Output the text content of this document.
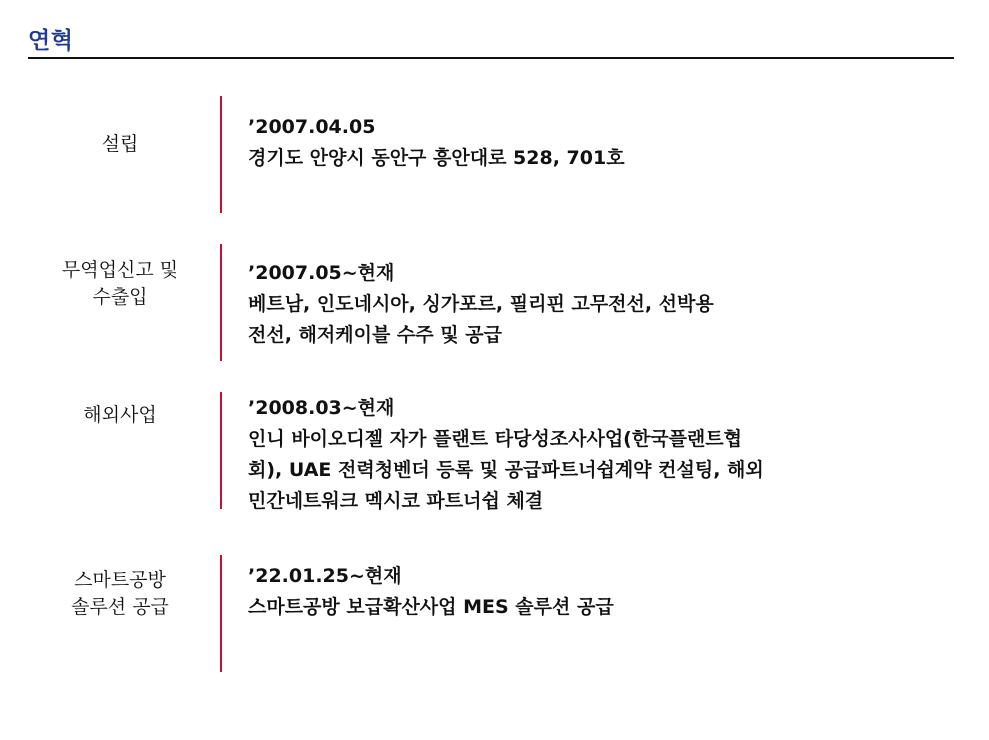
연혁
설립
’2007.04.05
경기도 안양시 동안구 흥안대로 528, 701호
무역업신고 및
수출입
’2007.05~현재
베트남, 인도네시아, 싱가포르, 필리핀 고무전선, 선박용
전선, 해저케이블 수주 및 공급
해외사업	’2008.03~현재
인니 바이오디젤 자가 플랜트 타당성조사사업(한국플랜트협
회), UAE 전력청벤더 등록 및 공급파트너쉽계약 컨설팅, 해외
민간네트워크 멕시코 파트너쉽 체결
스마트공방
솔루션 공급
’22.01.25~현재
스마트공방 보급확산사업 MES 솔루션 공급
